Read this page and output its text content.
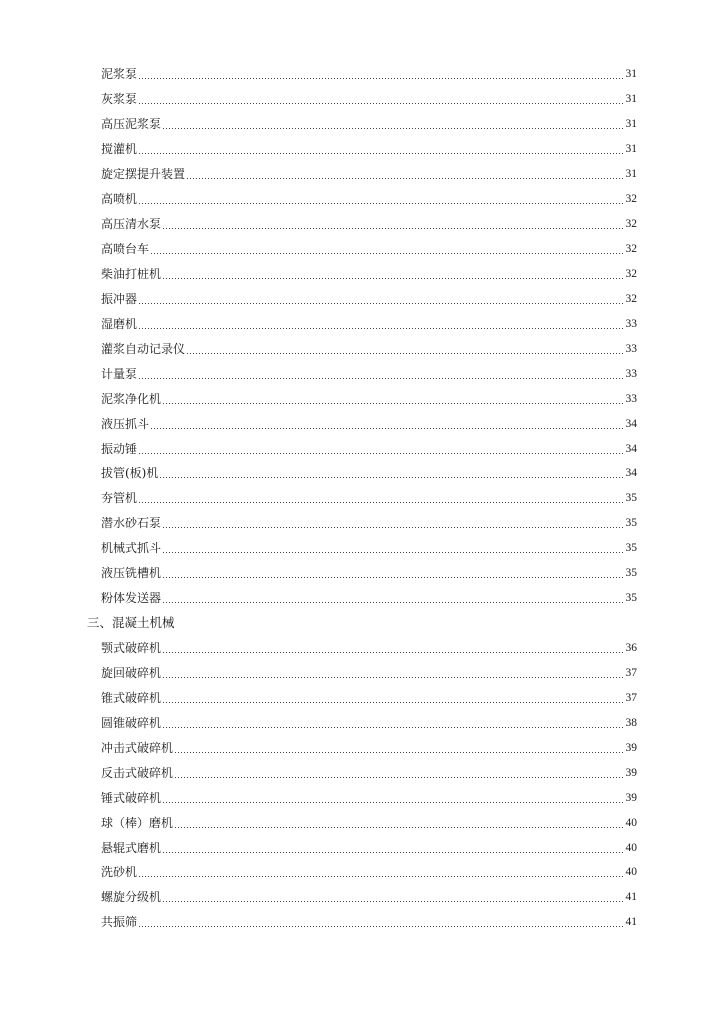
泥浆泵	31
灰浆泵	31
高压泥浆泵	31
搅灌机	31
旋定摆提升装置	31
高喷机	32
高压清水泵	32
高喷台车	32
柴油打桩机	32
振冲器	32
湿磨机	33
灌浆自动记录仪	33
计量泵	33
泥浆净化机	33
液压抓斗	34
振动锤	34
拔管(板)机	34
夯管机	35
潜水砂石泵	35
机械式抓斗	35
液压铣槽机	35
粉体发送器	35
三、混凝土机械
颚式破碎机	36
旋回破碎机	37
锥式破碎机	37
圆锥破碎机	38
冲击式破碎机	39
反击式破碎机	39
锤式破碎机	39
球（棒）磨机	40
悬辊式磨机	40
洗砂机	40
螺旋分级机	41
共振筛	41
